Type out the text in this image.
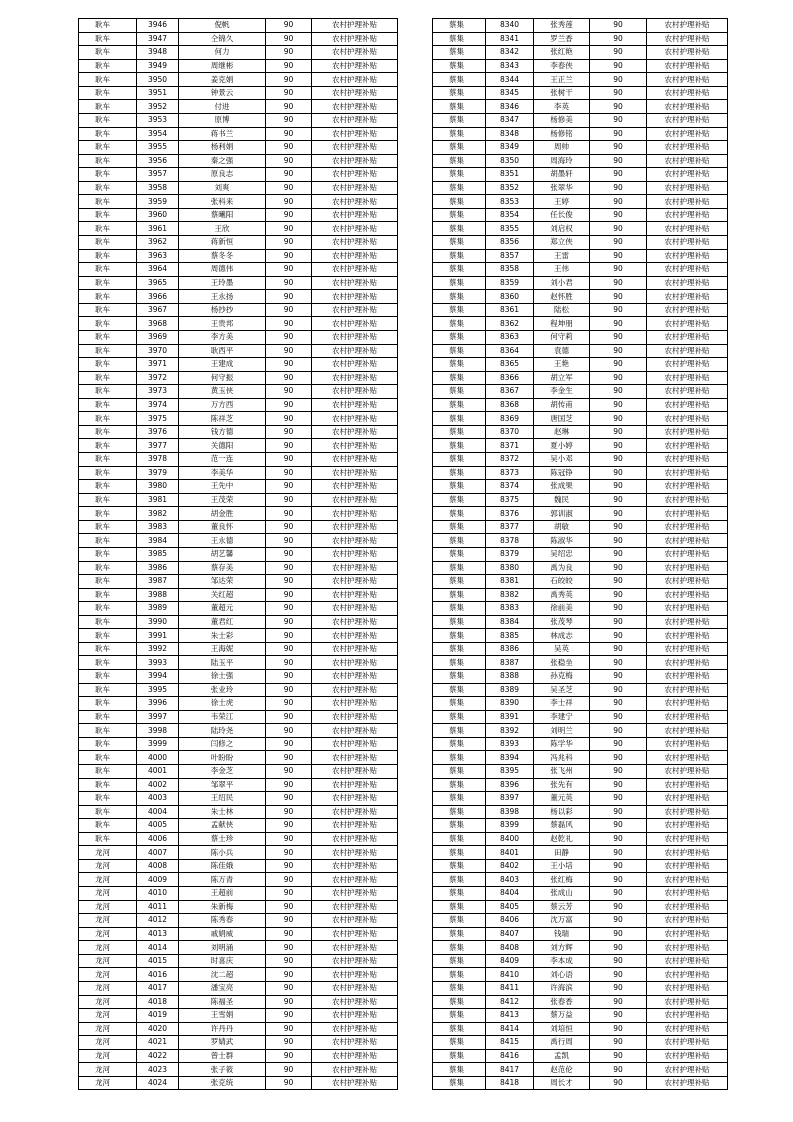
耿车	3946	倪帆	90	农村护理补贴
耿车	3947	仝锦久	90	农村护理补贴
耿车	3948	何力	90	农村护理补贴
耿车	3949	周继彬	90	农村护理补贴
耿车	3950	姜克娟	90	农村护理补贴
耿车	3951	钟景云	90	农村护理补贴
耿车	3952	付进	90	农村护理补贴
耿车	3953	原博	90	农村护理补贴
耿车	3954	蒋书兰	90	农村护理补贴
耿车	3955	杨利娟	90	农村护理补贴
耿车	3956	秦之强	90	农村护理补贴
耿车	3957	原良志	90	农村护理补贴
耿车	3958	刘爽	90	农村护理补贴
耿车	3959	张科来	90	农村护理补贴
耿车	3960	蔡曦阳	90	农村护理补贴
耿车	3961	王欣	90	农村护理补贴
耿车	3962	蒋新恒	90	农村护理补贴
耿车	3963	蔡冬冬	90	农村护理补贴
耿车	3964	周德伟	90	农村护理补贴
耿车	3965	王玲墨	90	农村护理补贴
耿车	3966	王永扬	90	农村护理补贴
耿车	3967	杨抄抄	90	农村护理补贴
耿车	3968	王贵邦	90	农村护理补贴
耿车	3969	李方美	90	农村护理补贴
耿车	3970	耿西平	90	农村护理补贴
耿车	3971	王建成	90	农村护理补贴
耿车	3972	何守振	90	农村护理补贴
耿车	3973	黄玉侠	90	农村护理补贴
耿车	3974	万方西	90	农村护理补贴
耿车	3975	陈祥芝	90	农村护理补贴
耿车	3976	钱方德	90	农村护理补贴
耿车	3977	关德阳	90	农村护理补贴
耿车	3978	范一连	90	农村护理补贴
耿车	3979	李美华	90	农村护理补贴
耿车	3980	王先中	90	农村护理补贴
耿车	3981	王茂荣	90	农村护理补贴
耿车	3982	胡金胜	90	农村护理补贴
耿车	3983	董良怀	90	农村护理补贴
耿车	3984	王永德	90	农村护理补贴
耿车	3985	胡艺馨	90	农村护理补贴
耿车	3986	蔡存美	90	农村护理补贴
耿车	3987	邹达荣	90	农村护理补贴
耿车	3988	关红超	90	农村护理补贴
耿车	3989	董超元	90	农村护理补贴
耿车	3990	董君红	90	农村护理补贴
耿车	3991	朱士彩	90	农村护理补贴
耿车	3992	王海妮	90	农村护理补贴
耿车	3993	陆玉平	90	农村护理补贴
耿车	3994	徐士强	90	农村护理补贴
耿车	3995	张业玲	90	农村护理补贴
耿车	3996	徐士虎	90	农村护理补贴
耿车	3997	韦荣江	90	农村护理补贴
耿车	3998	陆玲尧	90	农村护理补贴
耿车	3999	闫修之	90	农村护理补贴
耿车	4000	叶盼盼	90	农村护理补贴
耿车	4001	李金芝	90	农村护理补贴
耿车	4002	邹翠平	90	农村护理补贴
耿车	4003	王绍民	90	农村护理补贴
耿车	4004	朱士林	90	农村护理补贴
耿车	4005	孟献侠	90	农村护理补贴
耿车	4006	蔡士珍	90	农村护理补贴
龙河	4007	陈小兵	90	农村护理补贴
龙河	4008	陈佳娥	90	农村护理补贴
龙河	4009	陈万青	90	农村护理补贴
龙河	4010	王超前	90	农村护理补贴
龙河	4011	朱新梅	90	农村护理补贴
龙河	4012	陈秀春	90	农村护理补贴
龙河	4013	戚娟威	90	农村护理补贴
龙河	4014	刘明涌	90	农村护理补贴
龙河	4015	时喜庆	90	农村护理补贴
龙河	4016	沈二超	90	农村护理补贴
龙河	4017	潘宝亮	90	农村护理补贴
龙河	4018	陈福圣	90	农村护理补贴
龙河	4019	王雪娟	90	农村护理补贴
龙河	4020	许丹丹	90	农村护理补贴
龙河	4021	罗婧武	90	农村护理补贴
龙河	4022	曾士群	90	农村护理补贴
龙河	4023	张子筱	90	农村护理补贴
龙河	4024	张克统	90	农村护理补贴
蔡集	8340	张秀莲	90	农村护理补贴
蔡集	8341	罗兰香	90	农村护理补贴
蔡集	8342	张红艳	90	农村护理补贴
蔡集	8343	李春侠	90	农村护理补贴
蔡集	8344	王正兰	90	农村护理补贴
蔡集	8345	张树干	90	农村护理补贴
蔡集	8346	李英	90	农村护理补贴
蔡集	8347	杨修美	90	农村护理补贴
蔡集	8348	杨修铭	90	农村护理补贴
蔡集	8349	周帅	90	农村护理补贴
蔡集	8350	周海玲	90	农村护理补贴
蔡集	8351	胡墨轩	90	农村护理补贴
蔡集	8352	张翠华	90	农村护理补贴
蔡集	8353	王婷	90	农村护理补贴
蔡集	8354	任长俊	90	农村护理补贴
蔡集	8355	刘启权	90	农村护理补贴
蔡集	8356	郑立侠	90	农村护理补贴
蔡集	8357	王雷	90	农村护理补贴
蔡集	8358	王伟	90	农村护理补贴
蔡集	8359	刘小君	90	农村护理补贴
蔡集	8360	赵怀胜	90	农村护理补贴
蔡集	8361	陆松	90	农村护理补贴
蔡集	8362	程坤朋	90	农村护理补贴
蔡集	8363	何守莉	90	农村护理补贴
蔡集	8364	袁德	90	农村护理补贴
蔡集	8365	王艳	90	农村护理补贴
蔡集	8366	胡立军	90	农村护理补贴
蔡集	8367	李金生	90	农村护理补贴
蔡集	8368	胡传甫	90	农村护理补贴
蔡集	8369	唐国芝	90	农村护理补贴
蔡集	8370	赵琳	90	农村护理补贴
蔡集	8371	夏小婷	90	农村护理补贴
蔡集	8372	吴小邓	90	农村护理补贴
蔡集	8373	陈冠铮	90	农村护理补贴
蔡集	8374	张成果	90	农村护理补贴
蔡集	8375	魏民	90	农村护理补贴
蔡集	8376	郭训淑	90	农村护理补贴
蔡集	8377	胡敏	90	农村护理补贴
蔡集	8378	陈淑华	90	农村护理补贴
蔡集	8379	吴绍忠	90	农村护理补贴
蔡集	8380	禹为良	90	农村护理补贴
蔡集	8381	石皎皎	90	农村护理补贴
蔡集	8382	禹秀英	90	农村护理补贴
蔡集	8383	徐前美	90	农村护理补贴
蔡集	8384	张茂琴	90	农村护理补贴
蔡集	8385	林成志	90	农村护理补贴
蔡集	8386	吴英	90	农村护理补贴
蔡集	8387	张稳坐	90	农村护理补贴
蔡集	8388	孙克梅	90	农村护理补贴
蔡集	8389	吴圣芝	90	农村护理补贴
蔡集	8390	李士祥	90	农村护理补贴
蔡集	8391	李建宁	90	农村护理补贴
蔡集	8392	刘明兰	90	农村护理补贴
蔡集	8393	陈学华	90	农村护理补贴
蔡集	8394	冯兆科	90	农村护理补贴
蔡集	8395	张飞州	90	农村护理补贴
蔡集	8396	张先有	90	农村护理补贴
蔡集	8397	董元英	90	农村护理补贴
蔡集	8398	杨以彩	90	农村护理补贴
蔡集	8399	蔡磊风	90	农村护理补贴
蔡集	8400	赵乾礼	90	农村护理补贴
蔡集	8401	田静	90	农村护理补贴
蔡集	8402	王小培	90	农村护理补贴
蔡集	8403	张红梅	90	农村护理补贴
蔡集	8404	张成山	90	农村护理补贴
蔡集	8405	蔡云芳	90	农村护理补贴
蔡集	8406	沈万富	90	农村护理补贴
蔡集	8407	钱瑞	90	农村护理补贴
蔡集	8408	刘方辉	90	农村护理补贴
蔡集	8409	李本成	90	农村护理补贴
蔡集	8410	刘心语	90	农村护理补贴
蔡集	8411	许海滨	90	农村护理补贴
蔡集	8412	张春香	90	农村护理补贴
蔡集	8413	蔡万益	90	农村护理补贴
蔡集	8414	刘培恒	90	农村护理补贴
蔡集	8415	禹行周	90	农村护理补贴
蔡集	8416	孟凯	90	农村护理补贴
蔡集	8417	赵范伦	90	农村护理补贴
蔡集	8418	周长才	90	农村护理补贴
